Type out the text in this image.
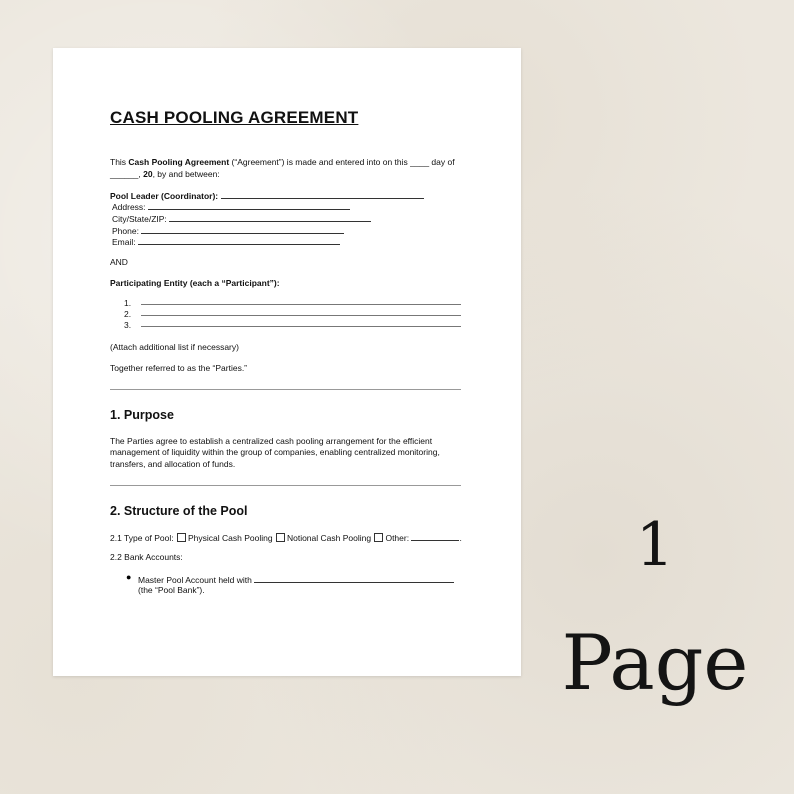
CASH POOLING AGREEMENT
This Cash Pooling Agreement (“Agreement”) is made and entered into on this ____ day of
______, 20, by and between:
Pool Leader (Coordinator):
Address:
City/State/ZIP:
Phone:
Email:
AND
Participating Entity (each a “Participant”):
1.
2.
3.
(Attach additional list if necessary)
Together referred to as the “Parties.”
1. Purpose
The Parties agree to establish a centralized cash pooling arrangement for the efficient
management of liquidity within the group of companies, enabling centralized monitoring,
transfers, and allocation of funds.
2. Structure of the Pool
2.1 Type of Pool: Physical Cash Pooling Notional Cash Pooling Other:	.
2.2 Bank Accounts:
● Master Pool Account held with
(the “Pool Bank”).
1
Page
